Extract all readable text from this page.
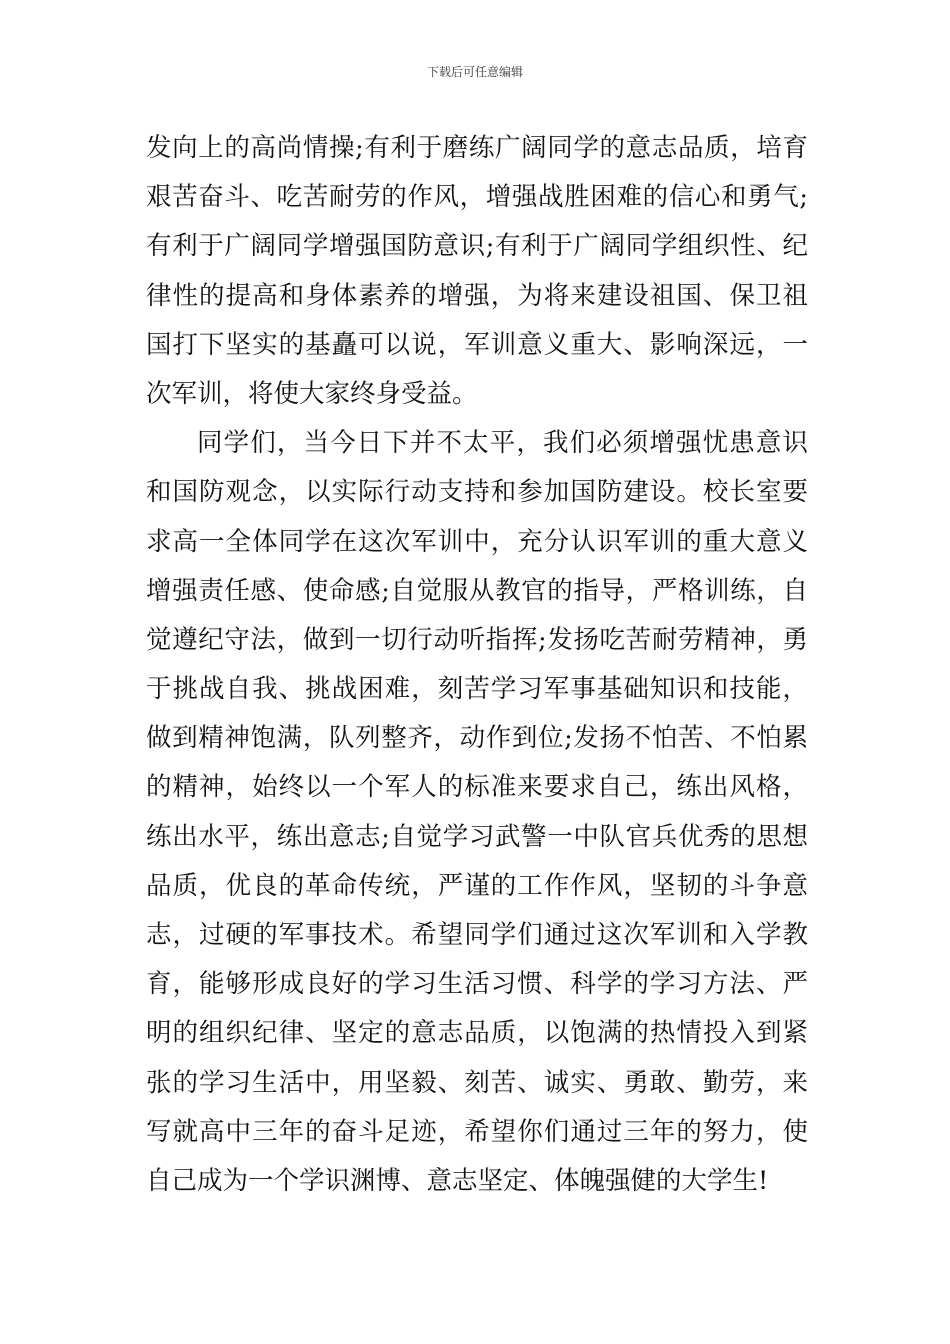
下载后可任意编辑
发向上的高尚情操;有利于磨练广阔同学的意志品质，培育
艰苦奋斗、吃苦耐劳的作风，增强战胜困难的信心和勇气;
有利于广阔同学增强国防意识;有利于广阔同学组织性、纪
律性的提高和身体素养的增强，为将来建设祖国、保卫祖
国打下坚实的基矗可以说，军训意义重大、影响深远，一
次军训，将使大家终身受益。
同学们，当今日下并不太平，我们必须增强忧患意识
和国防观念，以实际行动支持和参加国防建设。校长室要
求高一全体同学在这次军训中，充分认识军训的重大意义
增强责任感、使命感;自觉服从教官的指导，严格训练，自
觉遵纪守法，做到一切行动听指挥;发扬吃苦耐劳精神，勇
于挑战自我、挑战困难，刻苦学习军事基础知识和技能，
做到精神饱满，队列整齐，动作到位;发扬不怕苦、不怕累
的精神，始终以一个军人的标准来要求自己，练出风格，
练出水平，练出意志;自觉学习武警一中队官兵优秀的思想
品质，优良的革命传统，严谨的工作作风，坚韧的斗争意
志，过硬的军事技术。希望同学们通过这次军训和入学教
育，能够形成良好的学习生活习惯、科学的学习方法、严
明的组织纪律、坚定的意志品质，以饱满的热情投入到紧
张的学习生活中，用坚毅、刻苦、诚实、勇敢、勤劳，来
写就高中三年的奋斗足迹，希望你们通过三年的努力，使
自己成为一个学识渊博、意志坚定、体魄强健的大学生!
